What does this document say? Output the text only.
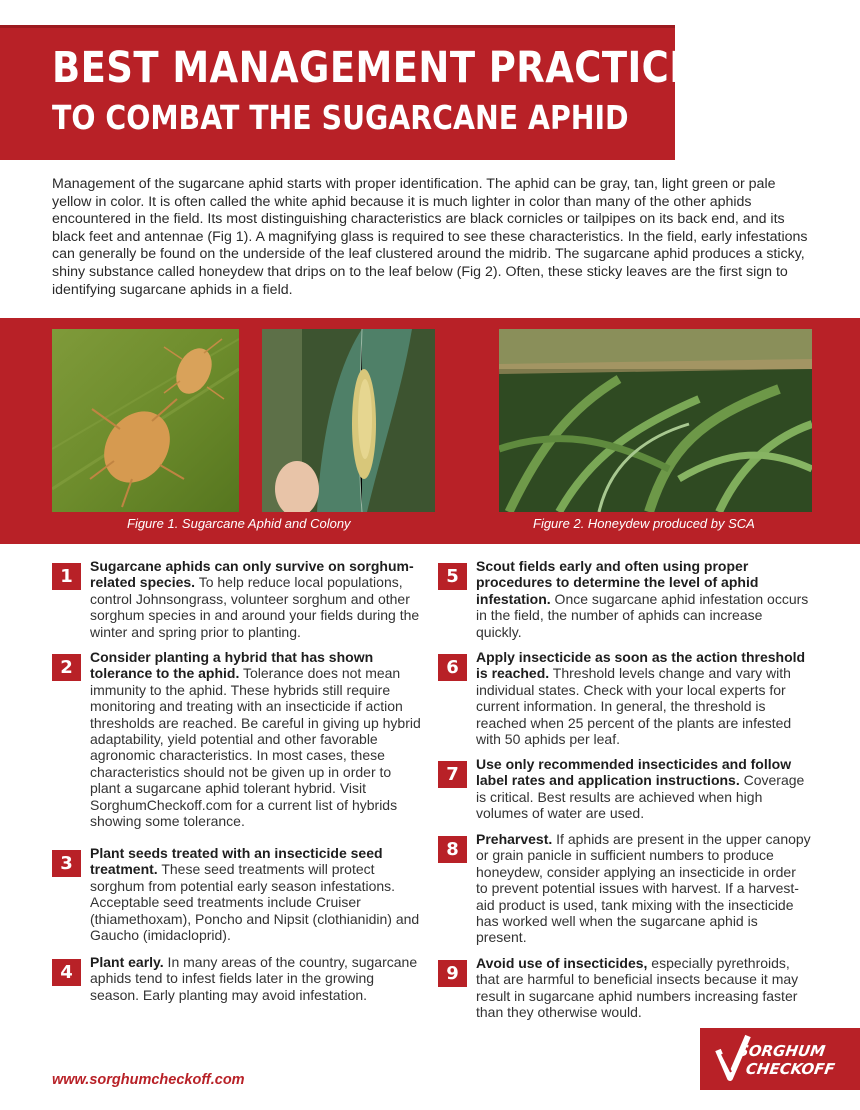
BEST MANAGEMENT PRACTICES
TO COMBAT THE SUGARCANE APHID

Management of the sugarcane aphid starts with proper identification. The aphid can be gray, tan, light green or pale yellow in color. It is often called the white aphid because it is much lighter in color than many of the other aphids encountered in the field. Its most distinguishing characteristics are black cornicles or tailpipes on its back end, and its black feet and antennae (Fig 1). A magnifying glass is required to see these characteristics. In the field, early infestations can generally be found on the underside of the leaf clustered around the midrib. The sugarcane aphid produces a sticky, shiny substance called honeydew that drips on to the leaf below (Fig 2). Often, these sticky leaves are the first sign to identifying sugarcane aphids in a field.

Figure 1. Sugarcane Aphid and Colony	Figure 2. Honeydew produced by SCA
1	Sugarcane aphids can only survive on sorghum-related species. To help reduce local populations, control Johnsongrass, volunteer sorghum and other sorghum species in and around your fields during the winter and spring prior to planting.
2	Consider planting a hybrid that has shown tolerance to the aphid. Tolerance does not mean immunity to the aphid. These hybrids still require monitoring and treating with an insecticide if action thresholds are reached. Be careful in giving up hybrid adaptability, yield potential and other favorable agronomic characteristics. In most cases, these characteristics should not be given up in order to plant a sugarcane aphid tolerant hybrid. Visit SorghumCheckoff.com for a current list of hybrids showing some tolerance.
3	Plant seeds treated with an insecticide seed treatment. These seed treatments will protect sorghum from potential early season infestations. Acceptable seed treatments include Cruiser (thiamethoxam), Poncho and Nipsit (clothianidin) and Gaucho (imidacloprid).
4	Plant early. In many areas of the country, sugarcane aphids tend to infest fields later in the growing season. Early planting may avoid infestation.
5	Scout fields early and often using proper procedures to determine the level of aphid infestation. Once sugarcane aphid infestation occurs in the field, the number of aphids can increase quickly.
6	Apply insecticide as soon as the action threshold is reached. Threshold levels change and vary with individual states. Check with your local experts for current information. In general, the threshold is reached when 25 percent of the plants are infested with 50 aphids per leaf.
7	Use only recommended insecticides and follow label rates and application instructions. Coverage is critical. Best results are achieved when high volumes of water are used.
8	Preharvest. If aphids are present in the upper canopy or grain panicle in sufficient numbers to produce honeydew, consider applying an insecticide in order to prevent potential issues with harvest. If a harvest-aid product is used, tank mixing with the insecticide has worked well when the sugarcane aphid is present.
9	Avoid use of insecticides, especially pyrethroids, that are harmful to beneficial insects because it may result in sugarcane aphid numbers increasing faster than they otherwise would.
www.sorghumcheckoff.com
SORGHUM
CHECKOFF
